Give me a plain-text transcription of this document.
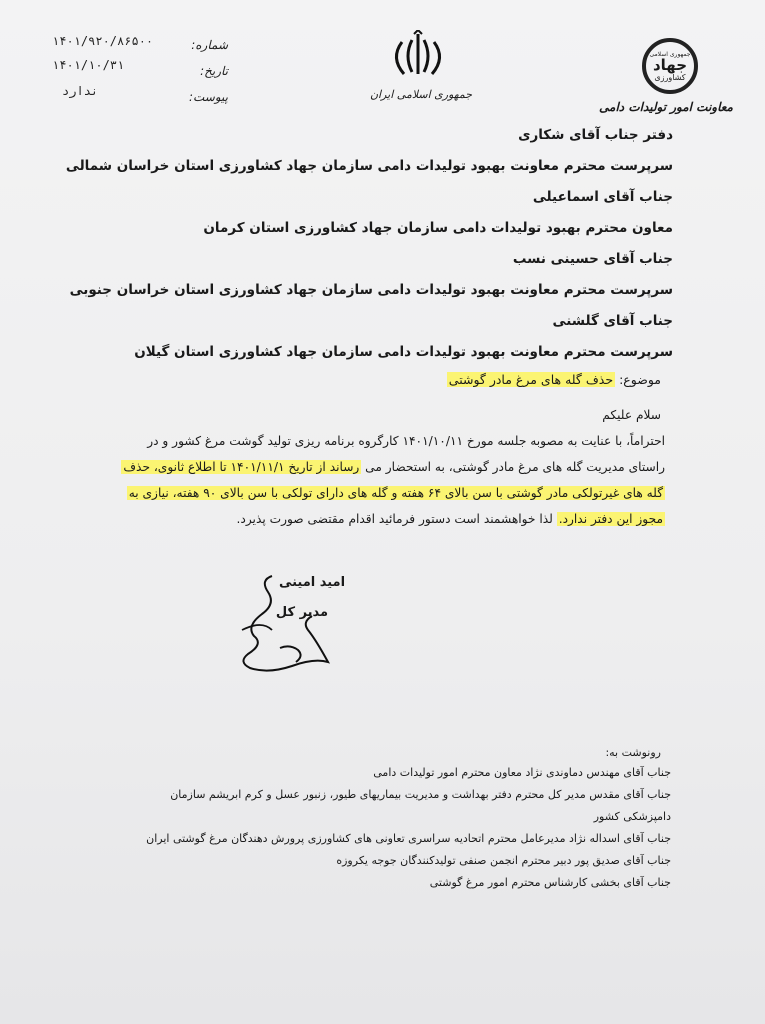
۱۴۰۱/۹۲۰/۸۶۵۰۰
۱۴۰۱/۱۰/۳۱
ندارد
شماره:
تاریخ:
پیوست:	جمهوری اسلامی ایران
جمهوری اسلامی
جهاد
کشاورزی
معاونت امور تولیدات دامی
دفتر جناب آقای شکاری
سرپرست محترم معاونت بهبود تولیدات دامی سازمان جهاد کشاورزی استان خراسان شمالی
جناب آقای اسماعیلی
معاون محترم بهبود تولیدات دامی سازمان جهاد کشاورزی استان کرمان
جناب آقای حسینی نسب
سرپرست محترم معاونت بهبود تولیدات دامی سازمان جهاد کشاورزی استان خراسان جنوبی
جناب آقای گلشنی
سرپرست محترم معاونت بهبود تولیدات دامی سازمان جهاد کشاورزی استان گیلان
موضوع: حذف گله های مرغ مادر گوشتی
سلام علیکم
احتراماً، با عنایت به مصوبه جلسه مورخ ۱۴۰۱/۱۰/۱۱ کارگروه برنامه ریزی تولید گوشت مرغ کشور و در
راستای مدیریت گله های مرغ مادر گوشتی، به استحضار می رساند از تاریخ ۱۴۰۱/۱۱/۱ تا اطلاع ثانوی، حذف
گله های غیرتولکی مادر گوشتی با سن بالای ۶۴ هفته و گله های دارای تولکی با سن بالای ۹۰ هفته، نیازی به
مجوز این دفتر ندارد. لذا خواهشمند است دستور فرمائید اقدام مقتضی صورت پذیرد.
امید امینی
مدیر کل
رونوشت به:
جناب آقای مهندس دماوندی نژاد معاون محترم امور تولیدات دامی
جناب آقای مقدس مدیر کل محترم دفتر بهداشت و مدیریت بیماریهای طیور، زنبور عسل و کرم ابریشم سازمان
دامپزشکی کشور
جناب آقای اسداله نژاد مدیرعامل محترم اتحادیه سراسری تعاونی های کشاورزی پرورش دهندگان مرغ گوشتی ایران
جناب آقای صدیق پور دبیر محترم انجمن صنفی تولیدکنندگان جوجه یکروزه
جناب آقای بخشی کارشناس محترم امور مرغ گوشتی
